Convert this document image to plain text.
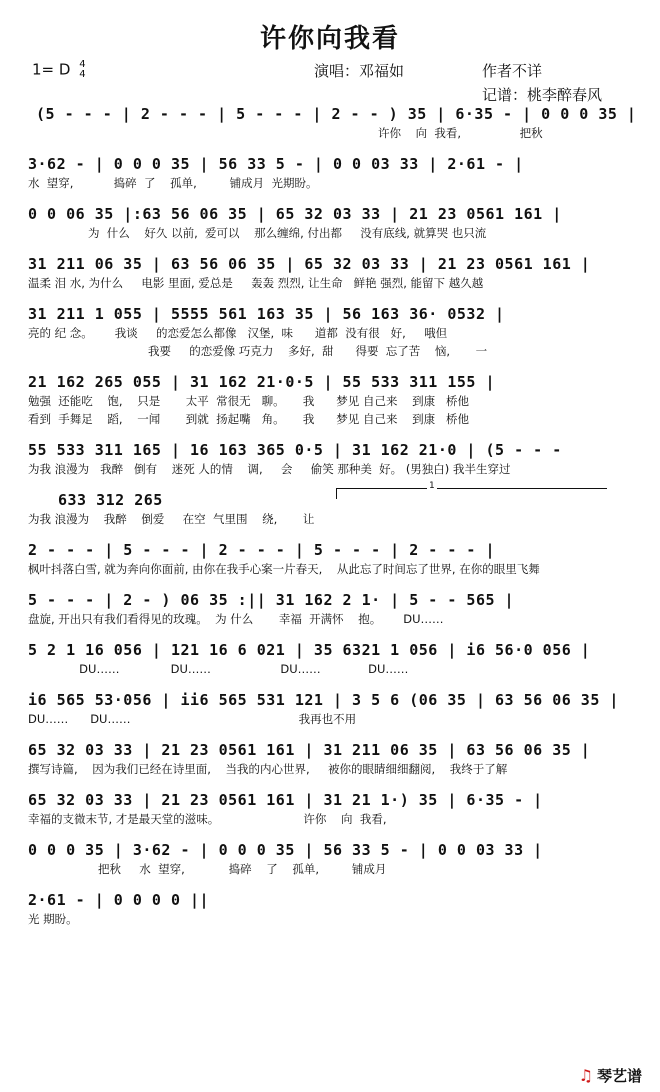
许你向我看
1= D 4
4	演唱：邓福如	作者不详
记谱：桃李醉春风
(5 - - - | 2 - - - | 5 - - - | 2 - - ) 35 | 6·35 - | 0 0 0 35 |
许你    向  我看,                把秋
3·62 - | 0 0 0 35 | 56 33 5 - | 0 0 03 33 | 2·61 - |
水  望穿,           捣碎  了    孤单,         铺成月  光期盼。
0 0 06 35 |:63 56 06 35 | 65 32 03 33 | 21 23 0561 161 |
为  什么    好久 以前,  爱可以    那么缠绵, 付出都     没有底线, 就算哭 也只流
31 211 06 35 | 63 56 06 35 | 65 32 03 33 | 21 23 0561 161 |
温柔 泪 水, 为什么     电影 里面, 爱总是     轰轰 烈烈, 让生命   鲜艳 强烈, 能留下 越久越
31 211 1 055 | 5555 561 163 35 | 56 163 36· 0532 |
亮的 纪 念。      我谈     的恋爱怎么都像   汉堡,  味      道都  没有很   好,     哦但
我要     的恋爱像 巧克力    多好,  甜      得要  忘了苦    恼,       一
21 162 265 055 | 31 162 21·0·5 | 55 533 311 155 |
勉强  还能吃    饱,    只是       太平  常很无   聊。     我      梦见 自己来    到康   桥他
看到  手舞足    蹈,    一闻       到就  扬起嘴   角。     我      梦见 自己来    到康   桥他
55 533 311 165 | 16 163 365 0·5 | 31 162 21·0 | (5 - - -
为我 浪漫为   我醉   倒有    迷死 人的情    调,     会     偷笑 那种美  好。 (男独白) 我半生穿过
633 312 265
为我 浪漫为    我醉    倒爱     在空  气里围    绕,       让
2 - - - | 5 - - - | 2 - - - | 5 - - - | 2 - - - |
枫叶抖落白雪, 就为奔向你面前, 由你在我手心案一片春天,    从此忘了时间忘了世界, 在你的眼里飞舞
5 - - - | 2 - ) 06 35 :|| 31 162 2 1· | 5 - - 565 |
盘旋, 开出只有我们看得见的玫瑰。  为 什么       幸福  开满怀    抱。      DU……
5 2 1 16 056 | 121 16 6 021 | 35 6321 1 056 | i6 56·0 056 |
DU……              DU……                   DU……             DU……
i6 565 53·056 | ii6 565 531 121 | 3 5 6 (06 35 | 63 56 06 35 |
DU……      DU……                                              我再也不用
65 32 03 33 | 21 23 0561 161 | 31 211 06 35 | 63 56 06 35 |
撰写诗篇,    因为我们已经在诗里面,    当我的内心世界,     被你的眼睛细细翻阅,    我终于了解
65 32 03 33 | 21 23 0561 161 | 31 21 1·) 35 | 6·35 - |
幸福的支微末节, 才是最天堂的滋味。                       许你    向  我看,
0 0 0 35 | 3·62 - | 0 0 0 35 | 56 33 5 - | 0 0 03 33 |
把秋     水  望穿,            捣碎    了    孤单,         铺成月
2·61 - | 0 0 0 0 ||
光 期盼。
1
♫ 琴艺谱
